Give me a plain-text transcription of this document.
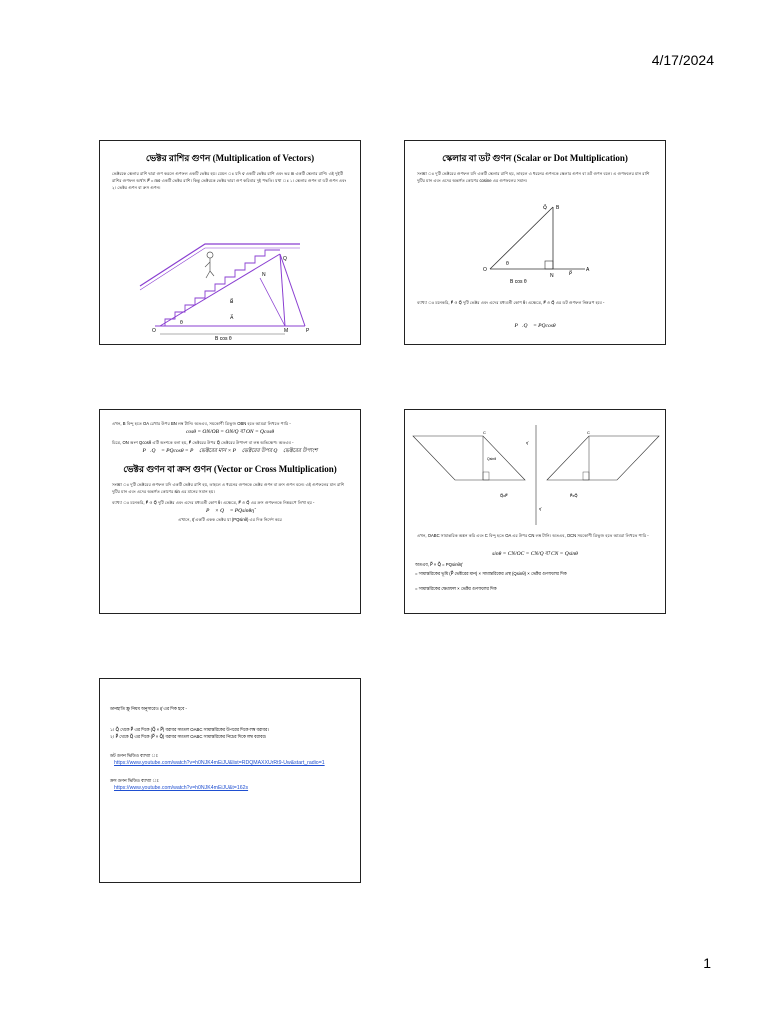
4/17/2024
ভেক্টর রাশির গুণন (Multiplication of Vectors)
ভেক্টরকে স্কেলার রাশি দ্বারা গুণ করলে গুণফল একটি ভেক্টর হয়। যেমন ঃ যদি v⃗ একটি ভেক্টর রাশি এবং ভর m একটি স্কেলার রাশি। এই দুইটি রাশির গুণফল অর্থাৎ P⃗ = mv⃗ একটি ভেক্টর রাশি। কিন্তু ভেক্টরকে ভেক্টর দ্বারা গুণ করিবার দুই পদ্ধতি। যথা ঃ ১। স্কেলার গুণন বা ডট গুণন এবং ২। ভেক্টর গুণন বা ক্রস গুণন।
O	M	P
Q
N
B⃗
A⃗
θ
B cos θ
স্কেলার বা ডট গুণন (Scalar or Dot Multiplication)
সংজ্ঞা ঃ দুটি ভেক্টরের গুণফল যদি একটি স্কেলার রাশি হয়, তাহলে এ ধরনের গুণনকে স্কেলার গুণন বা ডট গুণন বলে। এ গুণফলের মান রাশি দুটির মান এবং এদের অন্তর্গত কোণের cosine এর গুণফলের সমান।
Q⃗ B
O
N	P⃗
A
θ
B cos θ
ব্যাখ্যা ঃ মনেকরি, P⃗ ও Q⃗ দুটি ভেক্টর এবং এদের মধ্যবর্তী কোণ θ। এক্ষেত্রে, P⃗ ও Q⃗ এর ডট গুণফল নিম্নরূপ হবে -
P⃗.Q⃗ = PQcosθ
এখন, B বিন্দু হতে OA রেখার উপর BN লম্ব টানি। অতএব, সমকোণী ত্রিভুজ OBN হতে আমরা লিখতে পারি -
cosθ = ON/OB = ON/Q বা ON = Qcosθ
চিত্রে, ON অংশ Qcosθ এটি অংশকে বলা হয়, P⃗ ভেক্টরের উপর Q⃗ ভেক্টরের উপাংশ বা লম্ব অভিক্ষেপ। অতএব -
P⃗.Q⃗ = PQcosθ = P⃗ ভেক্টরের মান × P⃗ ভেক্টরের উপর Q⃗ ভেক্টরের উপাংশ
ভেক্টর গুণন বা ক্রস গুণন (Vector or Cross Multiplication)
সংজ্ঞা ঃ দুটি ভেক্টরের গুণফল যদি একটি ভেক্টর রাশি হয়, তাহলে এ ধরনের গুণনকে ভেক্টর গুণন বা ক্রস গুণন বলে। এই গুণফলের মান রাশি দুটির মান এবং এদের অন্তর্গত কোণের sin এর মানের সমান হয়।
ব্যাখ্যা ঃ মনেকরি, P⃗ ও Q⃗ দুটি ভেক্টর এবং এদের মধ্যবর্তী কোণ θ। এক্ষেত্রে, P⃗ ও Q⃗ এর ক্রস গুণফলকে নিম্নরূপে লিখা হয় -
P⃗ × Q⃗ = PQsinθη̂
এখানে, η̂ একটি একক ভেক্টর যা (PQsinθ) এর দিক নির্দেশ করে
C	C
Qsinθ
η̂
η̂
Q⃗xP⃗	P⃗xQ⃗
এখন, OABC সামান্তরিক অঙ্কন করি এবং C বিন্দু হতে OA এর উপর CN লম্ব টানি। অতএব, OCN সমকোণী ত্রিভুজ হতে আমরা লিখতে পারি -
sinθ = CN/OC = CN/Q বা CN = Qsinθ
অতএব, P⃗ × Q⃗ = PQsinθη̂
= সামান্তরিকের ভূমি (P⃗ ভেক্টরের মান) × সামান্তরিকের প্রস্থ (Qsinθ) × ভেক্টর গুণফলের দিক
= সামান্তরিকের ক্ষেত্রফল × ভেক্টর গুণফলের দিক
ডানহাতি স্ক্রু নিয়ম অনুসারেও η̂ এর দিক হবে -
১। Q⃗ থেকে P⃗ এর দিকে (Q⃗ × P⃗) বরাবর সমতল OABC সামান্তরিকের উপরের দিকে লম্ব বরাবর।
২। P⃗ থেকে Q⃗ এর দিকে (P⃗ × Q⃗) বরাবর সমতল OABC সামান্তরিকের নিচের দিকে লম্ব বরাবর।
ডট গুণন ভিডিও ব্যাখ্যা ঃ
https://www.youtube.com/watch?v=h0NJK4mEiJU&list=RDQMAXXUrRt9-Uw&start_radio=1
ক্রস গুণন ভিডিও ব্যাখ্যা ঃ
https://www.youtube.com/watch?v=h0NJK4mEiJU&t=162s
1
